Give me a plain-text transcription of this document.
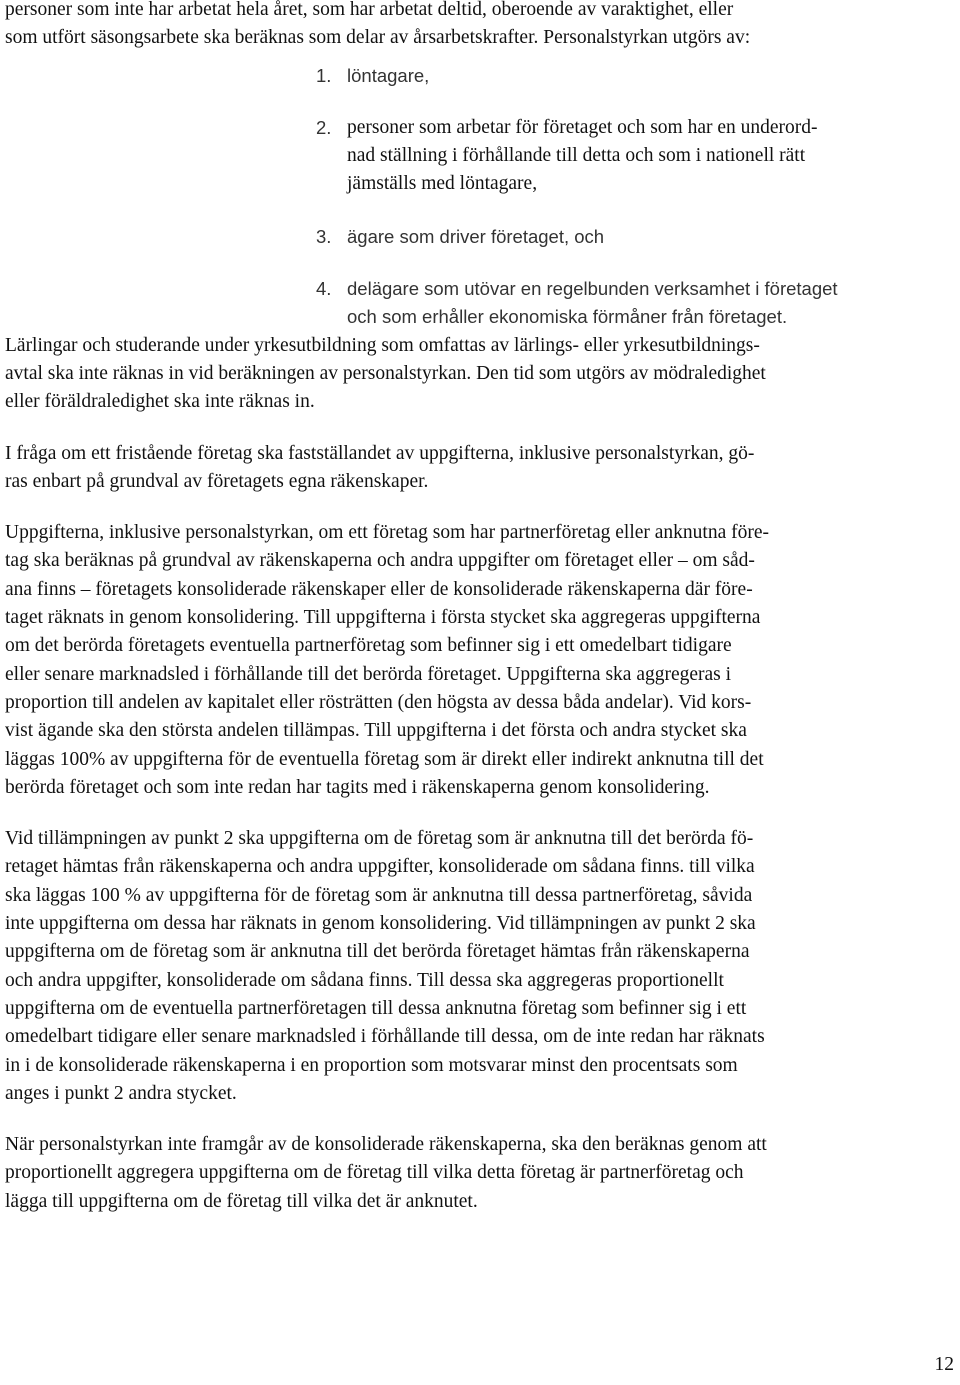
personer som inte har arbetat hela året, som har arbetat deltid, oberoende av varaktighet, eller
som utfört säsongsarbete ska beräknas som delar av årsarbetskrafter. Personalstyrkan utgörs av:

1. löntagare,
2. personer som arbetar för företaget och som har en underord-
nad ställning i förhållande till detta och som i nationell rätt
jämställs med löntagare,
3. ägare som driver företaget, och
4. delägare som utövar en regelbunden verksamhet i företaget
och som erhåller ekonomiska förmåner från företaget.

Lärlingar och studerande under yrkesutbildning som omfattas av lärlings- eller yrkesutbildnings-
avtal ska inte räknas in vid beräkningen av personalstyrkan. Den tid som utgörs av mödraledighet
eller föräldraledighet ska inte räknas in.

I fråga om ett fristående företag ska fastställandet av uppgifterna, inklusive personalstyrkan, gö-
ras enbart på grundval av företagets egna räkenskaper.

Uppgifterna, inklusive personalstyrkan, om ett företag som har partnerföretag eller anknutna före-
tag ska beräknas på grundval av räkenskaperna och andra uppgifter om företaget eller – om såd-
ana finns – företagets konsoliderade räkenskaper eller de konsoliderade räkenskaperna där före-
taget räknats in genom konsolidering. Till uppgifterna i första stycket ska aggregeras uppgifterna
om det berörda företagets eventuella partnerföretag som befinner sig i ett omedelbart tidigare
eller senare marknadsled i förhållande till det berörda företaget. Uppgifterna ska aggregeras i
proportion till andelen av kapitalet eller rösträtten (den högsta av dessa båda andelar). Vid kors-
vist ägande ska den största andelen tillämpas. Till uppgifterna i det första och andra stycket ska
läggas 100% av uppgifterna för de eventuella företag som är direkt eller indirekt anknutna till det
berörda företaget och som inte redan har tagits med i räkenskaperna genom konsolidering.

Vid tillämpningen av punkt 2 ska uppgifterna om de företag som är anknutna till det berörda fö-
retaget hämtas från räkenskaperna och andra uppgifter, konsoliderade om sådana finns. till vilka
ska läggas 100 % av uppgifterna för de företag som är anknutna till dessa partnerföretag, såvida
inte uppgifterna om dessa har räknats in genom konsolidering. Vid tillämpningen av punkt 2 ska
uppgifterna om de företag som är anknutna till det berörda företaget hämtas från räkenskaperna
och andra uppgifter, konsoliderade om sådana finns. Till dessa ska aggregeras proportionellt
uppgifterna om de eventuella partnerföretagen till dessa anknutna företag som befinner sig i ett
omedelbart tidigare eller senare marknadsled i förhållande till dessa, om de inte redan har räknats
in i de konsoliderade räkenskaperna i en proportion som motsvarar minst den procentsats som
anges i punkt 2 andra stycket.

När personalstyrkan inte framgår av de konsoliderade räkenskaperna, ska den beräknas genom att
proportionellt aggregera uppgifterna om de företag till vilka detta företag är partnerföretag och
lägga till uppgifterna om de företag till vilka det är anknutet.

12
